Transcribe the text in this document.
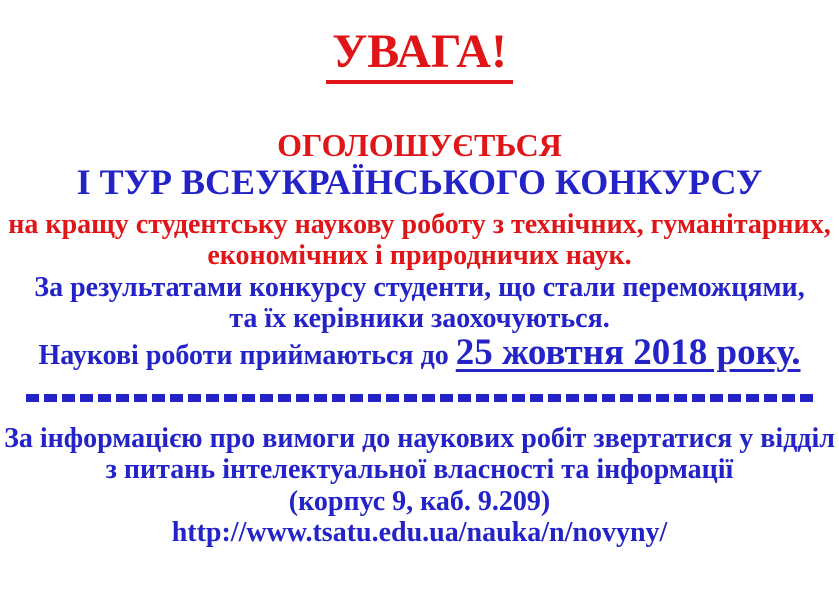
УВАГА!
ОГОЛОШУЄТЬСЯ
І ТУР ВСЕУКРАЇНСЬКОГО КОНКУРСУ
на кращу студентську наукову роботу з технічних, гуманітарних,
економічних і природничих наук.
За результатами конкурсу студенти, що стали переможцями,
та їх керівники заохочуються.
Наукові роботи приймаються до 25 жовтня 2018 року.
За інформацією про вимоги до наукових робіт звертатися у відділ
з питань інтелектуальної власності та інформації
(корпус 9, каб. 9.209)
http://www.tsatu.edu.ua/nauka/n/novyny/
